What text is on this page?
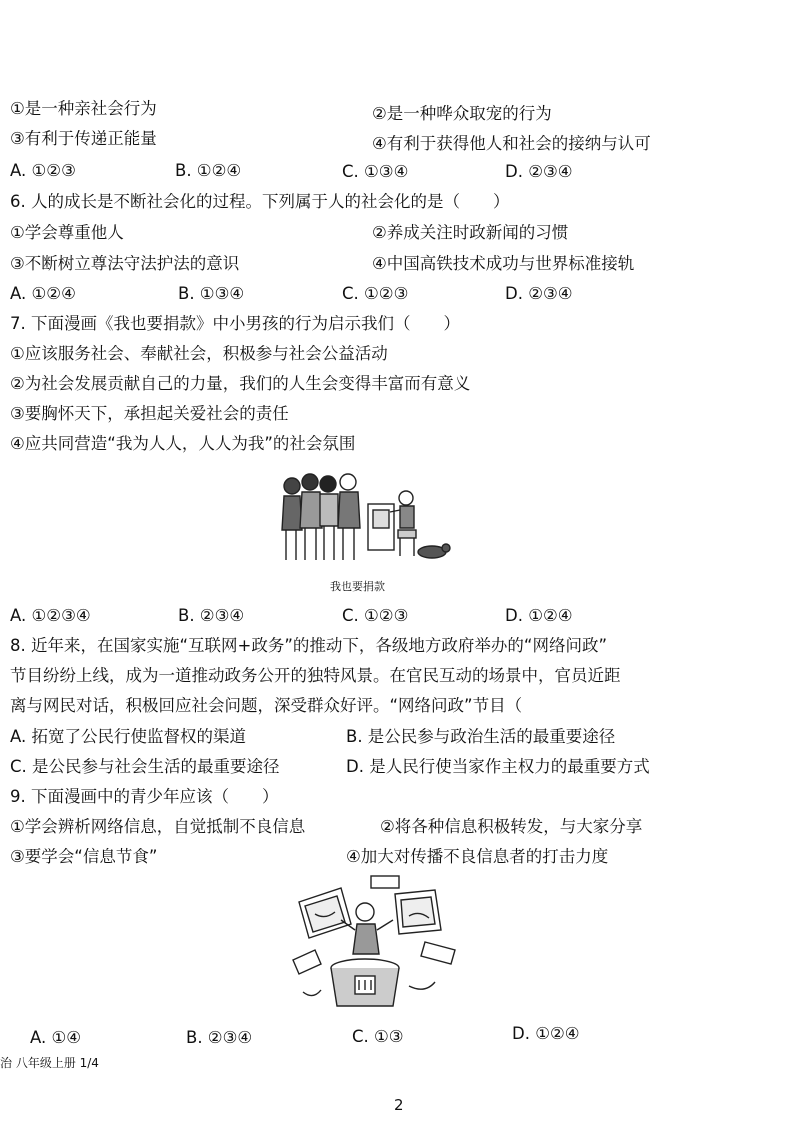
①是一种亲社会行为	②是一种哗众取宠的行为
③有利于传递正能量	④有利于获得他人和社会的接纳与认可
A. ①②③	B. ①②④	C. ①③④	D. ②③④
6. 人的成长是不断社会化的过程。下列属于人的社会化的是（　　）
①学会尊重他人	②养成关注时政新闻的习惯
③不断树立尊法守法护法的意识	④中国高铁技术成功与世界标准接轨
A. ①②④	B. ①③④	C. ①②③	D. ②③④
7. 下面漫画《我也要捐款》中小男孩的行为启示我们（　　）
①应该服务社会、奉献社会，积极参与社会公益活动
②为社会发展贡献自己的力量，我们的人生会变得丰富而有意义
③要胸怀天下，承担起关爱社会的责任
④应共同营造“我为人人，人人为我”的社会氛围
我也要捐款
A. ①②③④	B. ②③④	C. ①②③	D. ①②④
8. 近年来，在国家实施“互联网+政务”的推动下，各级地方政府举办的“网络问政”
节目纷纷上线，成为一道推动政务公开的独特风景。在官民互动的场景中，官员近距
离与网民对话，积极回应社会问题，深受群众好评。“网络问政”节目（
A. 拓宽了公民行使监督权的渠道	B. 是公民参与政治生活的最重要途径
C. 是公民参与社会生活的最重要途径	D. 是人民行使当家作主权力的最重要方式
9. 下面漫画中的青少年应该（　　）
①学会辨析网络信息，自觉抵制不良信息	②将各种信息积极转发，与大家分享
③要学会“信息节食”	④加大对传播不良信息者的打击力度
A. ①④	B. ②③④	C. ①③	D. ①②④
治 八年级上册 1/4
2
